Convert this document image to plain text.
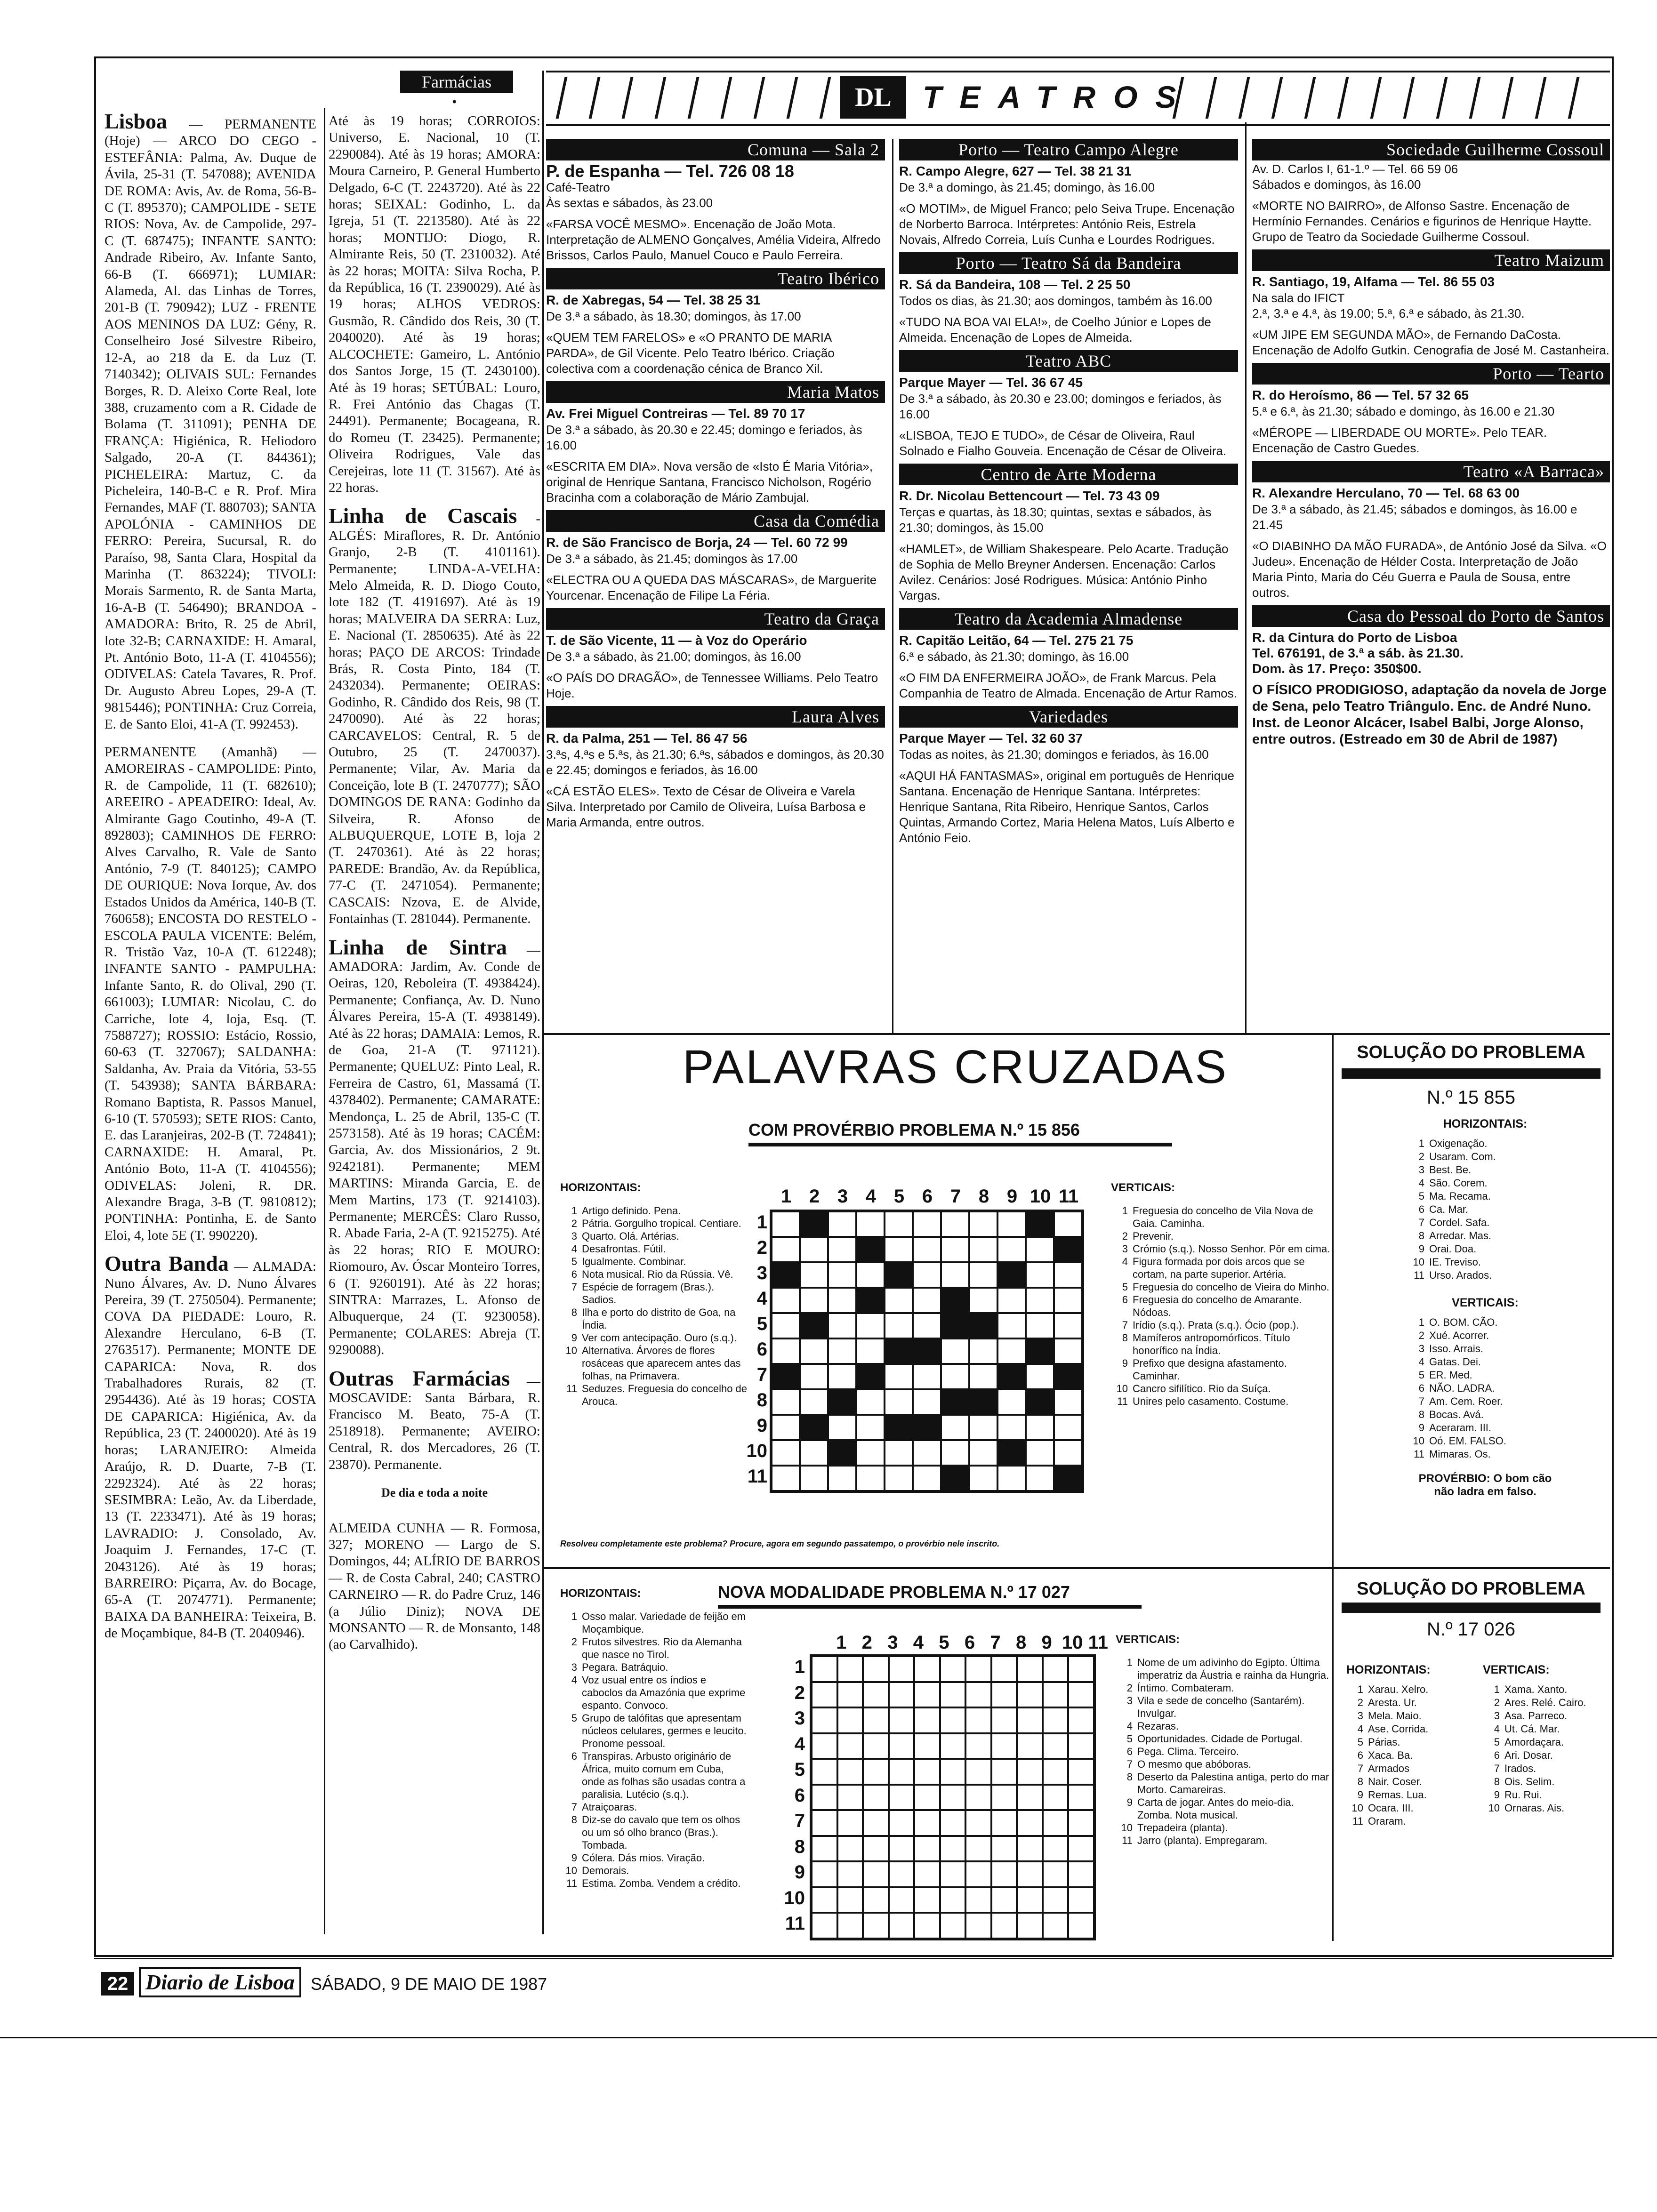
Farmácias
•

Lisboa — PERMANENTE (Hoje) — ARCO DO CEGO - ESTEFÂNIA: Palma, Av. Duque de Ávila, 25-31 (T. 547088); AVENIDA DE ROMA: Avis, Av. de Roma, 56-B-C (T. 895370); CAMPOLIDE - SETE RIOS: Nova, Av. de Campolide, 297-C (T. 687475); INFANTE SANTO: Andrade Ribeiro, Av. Infante Santo, 66-B (T. 666971); LUMIAR: Alameda, Al. das Linhas de Torres, 201-B (T. 790942); LUZ - FRENTE AOS MENINOS DA LUZ: Gény, R. Conselheiro José Silvestre Ribeiro, 12-A, ao 218 da E. da Luz (T. 7140342); OLIVAIS SUL: Fernandes Borges, R. D. Aleixo Corte Real, lote 388, cruzamento com a R. Cidade de Bolama (T. 311091); PENHA DE FRANÇA: Higiénica, R. Heliodoro Salgado, 20-A (T. 844361); PICHELEIRA: Martuz, C. da Picheleira, 140-B-C e R. Prof. Mira Fernandes, MAF (T. 880703); SANTA APOLÓNIA - CAMINHOS DE FERRO: Pereira, Sucursal, R. do Paraíso, 98, Santa Clara, Hospital da Marinha (T. 863224); TIVOLI: Morais Sarmento, R. de Santa Marta, 16-A-B (T. 546490); BRANDOA - AMADORA: Brito, R. 25 de Abril, lote 32-B; CARNAXIDE: H. Amaral, Pt. António Boto, 11-A (T. 4104556); ODIVELAS: Catela Tavares, R. Prof. Dr. Augusto Abreu Lopes, 29-A (T. 9815446); PONTINHA: Cruz Correia, E. de Santo Eloi, 41-A (T. 992453).

PERMANENTE (Amanhã) — AMOREIRAS - CAMPOLIDE: Pinto, R. de Campolide, 11 (T. 682610); AREEIRO - APEADEIRO: Ideal, Av. Almirante Gago Coutinho, 49-A (T. 892803); CAMINHOS DE FERRO: Alves Carvalho, R. Vale de Santo António, 7-9 (T. 840125); CAMPO DE OURIQUE: Nova Iorque, Av. dos Estados Unidos da América, 140-B (T. 760658); ENCOSTA DO RESTELO - ESCOLA PAULA VICENTE: Belém, R. Tristão Vaz, 10-A (T. 612248); INFANTE SANTO - PAMPULHA: Infante Santo, R. do Olival, 290 (T. 661003); LUMIAR: Nicolau, C. do Carriche, lote 4, loja, Esq. (T. 7588727); ROSSIO: Estácio, Rossio, 60-63 (T. 327067); SALDANHA: Saldanha, Av. Praia da Vitória, 53-55 (T. 543938); SANTA BÁRBARA: Romano Baptista, R. Passos Manuel, 6-10 (T. 570593); SETE RIOS: Canto, E. das Laranjeiras, 202-B (T. 724841); CARNAXIDE: H. Amaral, Pt. António Boto, 11-A (T. 4104556); ODIVELAS: Joleni, R. DR. Alexandre Braga, 3-B (T. 9810812); PONTINHA: Pontinha, E. de Santo Eloi, 4, lote 5E (T. 990220).

Outra Banda — ALMADA: Nuno Álvares, Av. D. Nuno Álvares Pereira, 39 (T. 2750504). Permanente; COVA DA PIEDADE: Louro, R. Alexandre Herculano, 6-B (T. 2763517). Permanente; MONTE DE CAPARICA: Nova, R. dos Trabalhadores Rurais, 82 (T. 2954436). Até às 19 horas; COSTA DE CAPARICA: Higiénica, Av. da República, 23 (T. 2400020). Até às 19 horas; LARANJEIRO: Almeida Araújo, R. D. Duarte, 7-B (T. 2292324). Até às 22 horas; SESIMBRA: Leão, Av. da Liberdade, 13 (T. 2233471). Até às 19 horas; LAVRADIO: J. Consolado, Av. Joaquim J. Fernandes, 17-C (T. 2043126). Até às 19 horas; BARREIRO: Piçarra, Av. do Bocage, 65-A (T. 2074771). Permanente; BAIXA DA BANHEIRA: Teixeira, B. de Moçambique, 84-B (T. 2040946).

Até às 19 horas; CORROIOS: Universo, E. Nacional, 10 (T. 2290084). Até às 19 horas; AMORA: Moura Carneiro, P. General Humberto Delgado, 6-C (T. 2243720). Até às 22 horas; SEIXAL: Godinho, L. da Igreja, 51 (T. 2213580). Até às 22 horas; MONTIJO: Diogo, R. Almirante Reis, 50 (T. 2310032). Até às 22 horas; MOITA: Silva Rocha, P. da República, 16 (T. 2390029). Até às 19 horas; ALHOS VEDROS: Gusmão, R. Cândido dos Reis, 30 (T. 2040020). Até às 19 horas; ALCOCHETE: Gameiro, L. António dos Santos Jorge, 15 (T. 2430100). Até às 19 horas; SETÚBAL: Louro, R. Frei António das Chagas (T. 24491). Permanente; Bocageana, R. do Romeu (T. 23425). Permanente; Oliveira Rodrigues, Vale das Cerejeiras, lote 11 (T. 31567). Até às 22 horas.

Linha de Cascais - ALGÉS: Miraflores, R. Dr. António Granjo, 2-B (T. 4101161). Permanente; LINDA-A-VELHA: Melo Almeida, R. D. Diogo Couto, lote 182 (T. 4191697). Até às 19 horas; MALVEIRA DA SERRA: Luz, E. Nacional (T. 2850635). Até às 22 horas; PAÇO DE ARCOS: Trindade Brás, R. Costa Pinto, 184 (T. 2432034). Permanente; OEIRAS: Godinho, R. Cândido dos Reis, 98 (T. 2470090). Até às 22 horas; CARCAVELOS: Central, R. 5 de Outubro, 25 (T. 2470037). Permanente; Vilar, Av. Maria da Conceição, lote B (T. 2470777); SÃO DOMINGOS DE RANA: Godinho da Silveira, R. Afonso de ALBUQUERQUE, LOTE B, loja 2 (T. 2470361). Até às 22 horas; PAREDE: Brandão, Av. da República, 77-C (T. 2471054). Permanente; CASCAIS: Nzova, E. de Alvide, Fontainhas (T. 281044). Permanente.

Linha de Sintra — AMADORA: Jardim, Av. Conde de Oeiras, 120, Reboleira (T. 4938424). Permanente; Confiança, Av. D. Nuno Álvares Pereira, 15-A (T. 4938149). Até às 22 horas; DAMAIA: Lemos, R. de Goa, 21-A (T. 971121). Permanente; QUELUZ: Pinto Leal, R. Ferreira de Castro, 61, Massamá (T. 4378402). Permanente; CAMARATE: Mendonça, L. 25 de Abril, 135-C (T. 2573158). Até às 19 horas; CACÉM: Garcia, Av. dos Missionários, 2 9t. 9242181). Permanente; MEM MARTINS: Miranda Garcia, E. de Mem Martins, 173 (T. 9214103). Permanente; MERCÊS: Claro Russo, R. Abade Faria, 2-A (T. 9215275). Até às 22 horas; RIO E MOURO: Riomouro, Av. Óscar Monteiro Torres, 6 (T. 9260191). Até às 22 horas; SINTRA: Marrazes, L. Afonso de Albuquerque, 24 (T. 9230058). Permanente; COLARES: Abreja (T. 9290088).

Outras Farmácias — MOSCAVIDE: Santa Bárbara, R. Francisco M. Beato, 75-A (T. 2518918). Permanente; AVEIRO: Central, R. dos Mercadores, 26 (T. 23870). Permanente.

De dia e toda a noite

ALMEIDA CUNHA — R. Formosa, 327; MORENO — Largo de S. Domingos, 44; ALÍRIO DE BARROS — R. de Costa Cabral, 240; CASTRO CARNEIRO — R. do Padre Cruz, 146 (a Júlio Diniz); NOVA DE MONSANTO — R. de Monsanto, 148 (ao Carvalhido).

DL	TEATROS
Comuna — Sala 2
P. de Espanha — Tel. 726 08 18
Café-Teatro
Às sextas e sábados, às 23.00
«FARSA VOCÊ MESMO». Encenação de João Mota. Interpretação de ALMENO Gonçalves, Amélia Videira, Alfredo Brissos, Carlos Paulo, Manuel Couco e Paulo Ferreira.
Teatro Ibérico
R. de Xabregas, 54 — Tel. 38 25 31
De 3.ª a sábado, às 18.30; domingos, às 17.00
«QUEM TEM FARELOS» e «O PRANTO DE MARIA PARDA», de Gil Vicente. Pelo Teatro Ibérico. Criação colectiva com a coordenação cénica de Branco Xil.
Maria Matos
Av. Frei Miguel Contreiras — Tel. 89 70 17
De 3.ª a sábado, às 20.30 e 22.45; domingo e feriados, às 16.00
«ESCRITA EM DIA». Nova versão de «Isto É Maria Vitória», original de Henrique Santana, Francisco Nicholson, Rogério Bracinha com a colaboração de Mário Zambujal.
Casa da Comédia
R. de São Francisco de Borja, 24 — Tel. 60 72 99
De 3.ª a sábado, às 21.45; domingos às 17.00
«ELECTRA OU A QUEDA DAS MÁSCARAS», de Marguerite Yourcenar. Encenação de Filipe La Féria.
Teatro da Graça
T. de São Vicente, 11 — à Voz do Operário
De 3.ª a sábado, às 21.00; domingos, às 16.00
«O PAÍS DO DRAGÃO», de Tennessee Williams. Pelo Teatro Hoje.
Laura Alves
R. da Palma, 251 — Tel. 86 47 56
3.ªs, 4.ªs e 5.ªs, às 21.30; 6.ªs, sábados e domingos, às 20.30 e 22.45; domingos e feriados, às 16.00
«CÁ ESTÃO ELES». Texto de César de Oliveira e Varela Silva. Interpretado por Camilo de Oliveira, Luísa Barbosa e Maria Armanda, entre outros.
Porto — Teatro Campo Alegre
R. Campo Alegre, 627 — Tel. 38 21 31
De 3.ª a domingo, às 21.45; domingo, às 16.00
«O MOTIM», de Miguel Franco; pelo Seiva Trupe. Encenação de Norberto Barroca. Intérpretes: António Reis, Estrela Novais, Alfredo Correia, Luís Cunha e Lourdes Rodrigues.
Porto — Teatro Sá da Bandeira
R. Sá da Bandeira, 108 — Tel. 2 25 50
Todos os dias, às 21.30; aos domingos, também às 16.00
«TUDO NA BOA VAI ELA!», de Coelho Júnior e Lopes de Almeida. Encenação de Lopes de Almeida.
Teatro ABC
Parque Mayer — Tel. 36 67 45
De 3.ª a sábado, às 20.30 e 23.00; domingos e feriados, às 16.00
«LISBOA, TEJO E TUDO», de César de Oliveira, Raul Solnado e Fialho Gouveia. Encenação de César de Oliveira.
Centro de Arte Moderna
R. Dr. Nicolau Bettencourt — Tel. 73 43 09
Terças e quartas, às 18.30; quintas, sextas e sábados, às 21.30; domingos, às 15.00
«HAMLET», de William Shakespeare. Pelo Acarte. Tradução de Sophia de Mello Breyner Andersen. Encenação: Carlos Avilez. Cenários: José Rodrigues. Música: António Pinho Vargas.
Teatro da Academia Almadense
R. Capitão Leitão, 64 — Tel. 275 21 75
6.ª e sábado, às 21.30; domingo, às 16.00
«O FIM DA ENFERMEIRA JOÃO», de Frank Marcus. Pela Companhia de Teatro de Almada. Encenação de Artur Ramos.
Variedades
Parque Mayer — Tel. 32 60 37
Todas as noites, às 21.30; domingos e feriados, às 16.00
«AQUI HÁ FANTASMAS», original em português de Henrique Santana. Encenação de Henrique Santana. Intérpretes: Henrique Santana, Rita Ribeiro, Henrique Santos, Carlos Quintas, Armando Cortez, Maria Helena Matos, Luís Alberto e António Feio.
Sociedade Guilherme Cossoul
Av. D. Carlos I, 61-1.º — Tel. 66 59 06
Sábados e domingos, às 16.00
«MORTE NO BAIRRO», de Alfonso Sastre. Encenação de Hermínio Fernandes. Cenários e figurinos de Henrique Haytte. Grupo de Teatro da Sociedade Guilherme Cossoul.
Teatro Maizum
R. Santiago, 19, Alfama — Tel. 86 55 03
Na sala do IFICT
2.ª, 3.ª e 4.ª, às 19.00; 5.ª, 6.ª e sábado, às 21.30.
«UM JIPE EM SEGUNDA MÃO», de Fernando DaCosta. Encenação de Adolfo Gutkin. Cenografia de José M. Castanheira.
Porto — Tearto
R. do Heroísmo, 86 — Tel. 57 32 65
5.ª e 6.ª, às 21.30; sábado e domingo, às 16.00 e 21.30
«MÉROPE — LIBERDADE OU MORTE». Pelo TEAR. Encenação de Castro Guedes.
Teatro «A Barraca»
R. Alexandre Herculano, 70 — Tel. 68 63 00
De 3.ª a sábado, às 21.45; sábados e domingos, às 16.00 e 21.45
«O DIABINHO DA MÃO FURADA», de António José da Silva. «O Judeu». Encenação de Hélder Costa. Interpretação de João Maria Pinto, Maria do Céu Guerra e Paula de Sousa, entre outros.
Casa do Pessoal do Porto de Santos
R. da Cintura do Porto de Lisboa
Tel. 676191, de 3.ª a sáb. às 21.30.
Dom. às 17. Preço: 350$00.
O FÍSICO PRODIGIOSO, adaptação da novela de Jorge de Sena, pelo Teatro Triângulo. Enc. de André Nuno. Inst. de Leonor Alcácer, Isabel Balbi, Jorge Alonso, entre outros. (Estreado em 30 de Abril de 1987)
PALAVRAS CRUZADAS
COM PROVÉRBIO PROBLEMA N.º 15 856
HORIZONTAIS:
1 Artigo definido. Pena.
2 Pátria. Gorgulho tropical. Centiare.
3 Quarto. Olá. Artérias.
4 Desafrontas. Fútil.
5 Igualmente. Combinar.
6 Nota musical. Rio da Rússia. Vê.
7 Espécie de forragem (Bras.). Sadios.
8 Ilha e porto do distrito de Goa, na Índia.
9 Ver com antecipação. Ouro (s.q.).
10 Alternativa. Árvores de flores rosáceas que aparecem antes das folhas, na Primavera.
11 Seduzes. Freguesia do concelho de Arouca.
1 2 3 4 5 6 7 8 9 10 11
1
2
3
4
5
6
7
8
9
10
11
VERTICAIS:
1 Freguesia do concelho de Vila Nova de Gaia. Caminha.
2 Prevenir.
3 Crómio (s.q.). Nosso Senhor. Pôr em cima.
4 Figura formada por dois arcos que se cortam, na parte superior. Artéria.
5 Freguesia do concelho de Vieira do Minho.
6 Freguesia do concelho de Amarante. Nódoas.
7 Irídio (s.q.). Prata (s.q.). Ócio (pop.).
8 Mamíferos antropomórficos. Título honorífico na Índia.
9 Prefixo que designa afastamento. Caminhar.
10 Cancro sifilítico. Rio da Suíça.
11 Unires pelo casamento. Costume.
Resolveu completamente este problema? Procure, agora em segundo passatempo, o provérbio nele inscrito.
SOLUÇÃO DO PROBLEMA
N.º 15 855
HORIZONTAIS:
1 Oxigenação.
2 Usaram. Com.
3 Best. Be.
4 São. Corem.
5 Ma. Recama.
6 Ca. Mar.
7 Cordel. Safa.
8 Arredar. Mas.
9 Orai. Doa.
10 IE. Treviso.
11 Urso. Arados.
VERTICAIS:
1 O. BOM. CÃO.
2 Xué. Acorrer.
3 Isso. Arrais.
4 Gatas. Dei.
5 ER. Med.
6 NÃO. LADRA.
7 Am. Cem. Roer.
8 Bocas. Avá.
9 Aceraram. III.
10 Oó. EM. FALSO.
11 Mimaras. Os.
PROVÉRBIO: O bom cão não ladra em falso.
NOVA MODALIDADE PROBLEMA N.º 17 027
HORIZONTAIS:
1 Osso malar. Variedade de feijão em Moçambique.
2 Frutos silvestres. Rio da Alemanha que nasce no Tirol.
3 Pegara. Batráquio.
4 Voz usual entre os índios e caboclos da Amazónia que exprime espanto. Convoco.
5 Grupo de talófitas que apresentam núcleos celulares, germes e leucito. Pronome pessoal.
6 Transpiras. Arbusto originário de África, muito comum em Cuba, onde as folhas são usadas contra a paralisia. Lutécio (s.q.).
7 Atraiçoaras.
8 Diz-se do cavalo que tem os olhos ou um só olho branco (Bras.). Tombada.
9 Cólera. Dás mios. Viração.
10 Demorais.
11 Estima. Zomba. Vendem a crédito.
1 2 3 4 5 6 7 8 9 10 11
1
2
3
4
5
6
7
8
9
10
11
VERTICAIS:
1 Nome de um adivinho do Egipto. Última imperatriz da Áustria e rainha da Hungria.
2 Íntimo. Combateram.
3 Vila e sede de concelho (Santarém). Invulgar.
4 Rezaras.
5 Oportunidades. Cidade de Portugal.
6 Pega. Clima. Terceiro.
7 O mesmo que abóboras.
8 Deserto da Palestina antiga, perto do mar Morto. Camareiras.
9 Carta de jogar. Antes do meio-dia. Zomba. Nota musical.
10 Trepadeira (planta).
11 Jarro (planta). Empregaram.
SOLUÇÃO DO PROBLEMA
N.º 17 026
HORIZONTAIS:
1 Xarau. Xelro.
2 Aresta. Ur.
3 Mela. Maio.
4 Ase. Corrida.
5 Párias.
6 Xaca. Ba.
7 Armados
8 Nair. Coser.
9 Remas. Lua.
10 Ocara. III.
11 Oraram.
VERTICAIS:
1 Xama. Xanto.
2 Ares. Relé. Cairo.
3 Asa. Parreco.
4 Ut. Cá. Mar.
5 Amordaçara.
6 Ari. Dosar.
7 Irados.
8 Ois. Selim.
9 Ru. Rui.
10 Ornaras. Ais.
22 Diario de Lisboa SÁBADO, 9 DE MAIO DE 1987
